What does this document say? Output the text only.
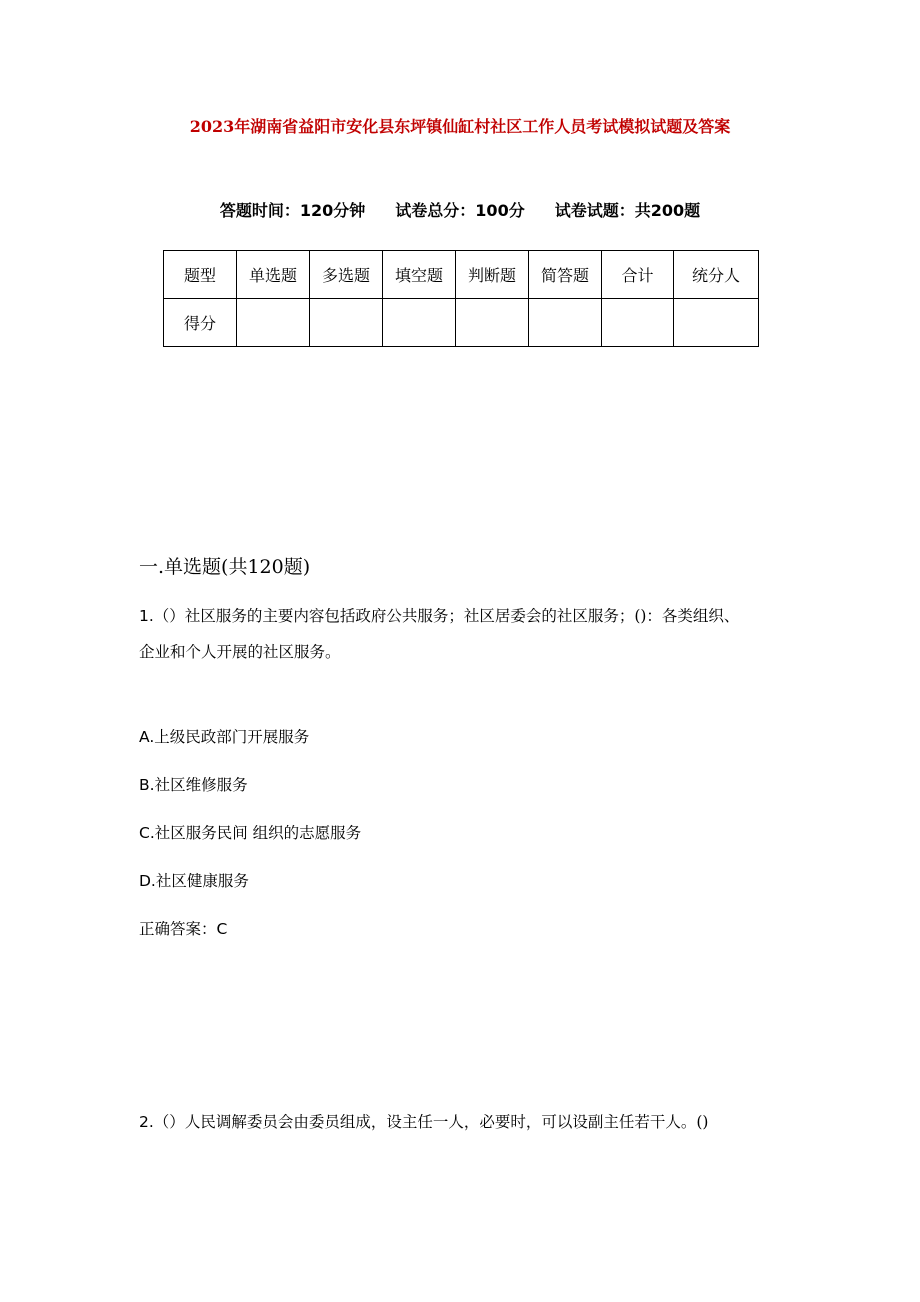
2023年湖南省益阳市安化县东坪镇仙缸村社区工作人员考试模拟试题及答案
答题时间：120分钟 试卷总分：100分 试卷试题：共200题
题型	单选题	多选题	填空题	判断题	简答题	合计	统分人
得分							
一.单选题(共120题)
1.（）社区服务的主要内容包括政府公共服务；社区居委会的社区服务；()：各类组织、
企业和个人开展的社区服务。
A.上级民政部门开展服务
B.社区维修服务
C.社区服务民间 组织的志愿服务
D.社区健康服务
正确答案：C
2.（）人民调解委员会由委员组成，设主任一人，必要时，可以设副主任若干人。()
